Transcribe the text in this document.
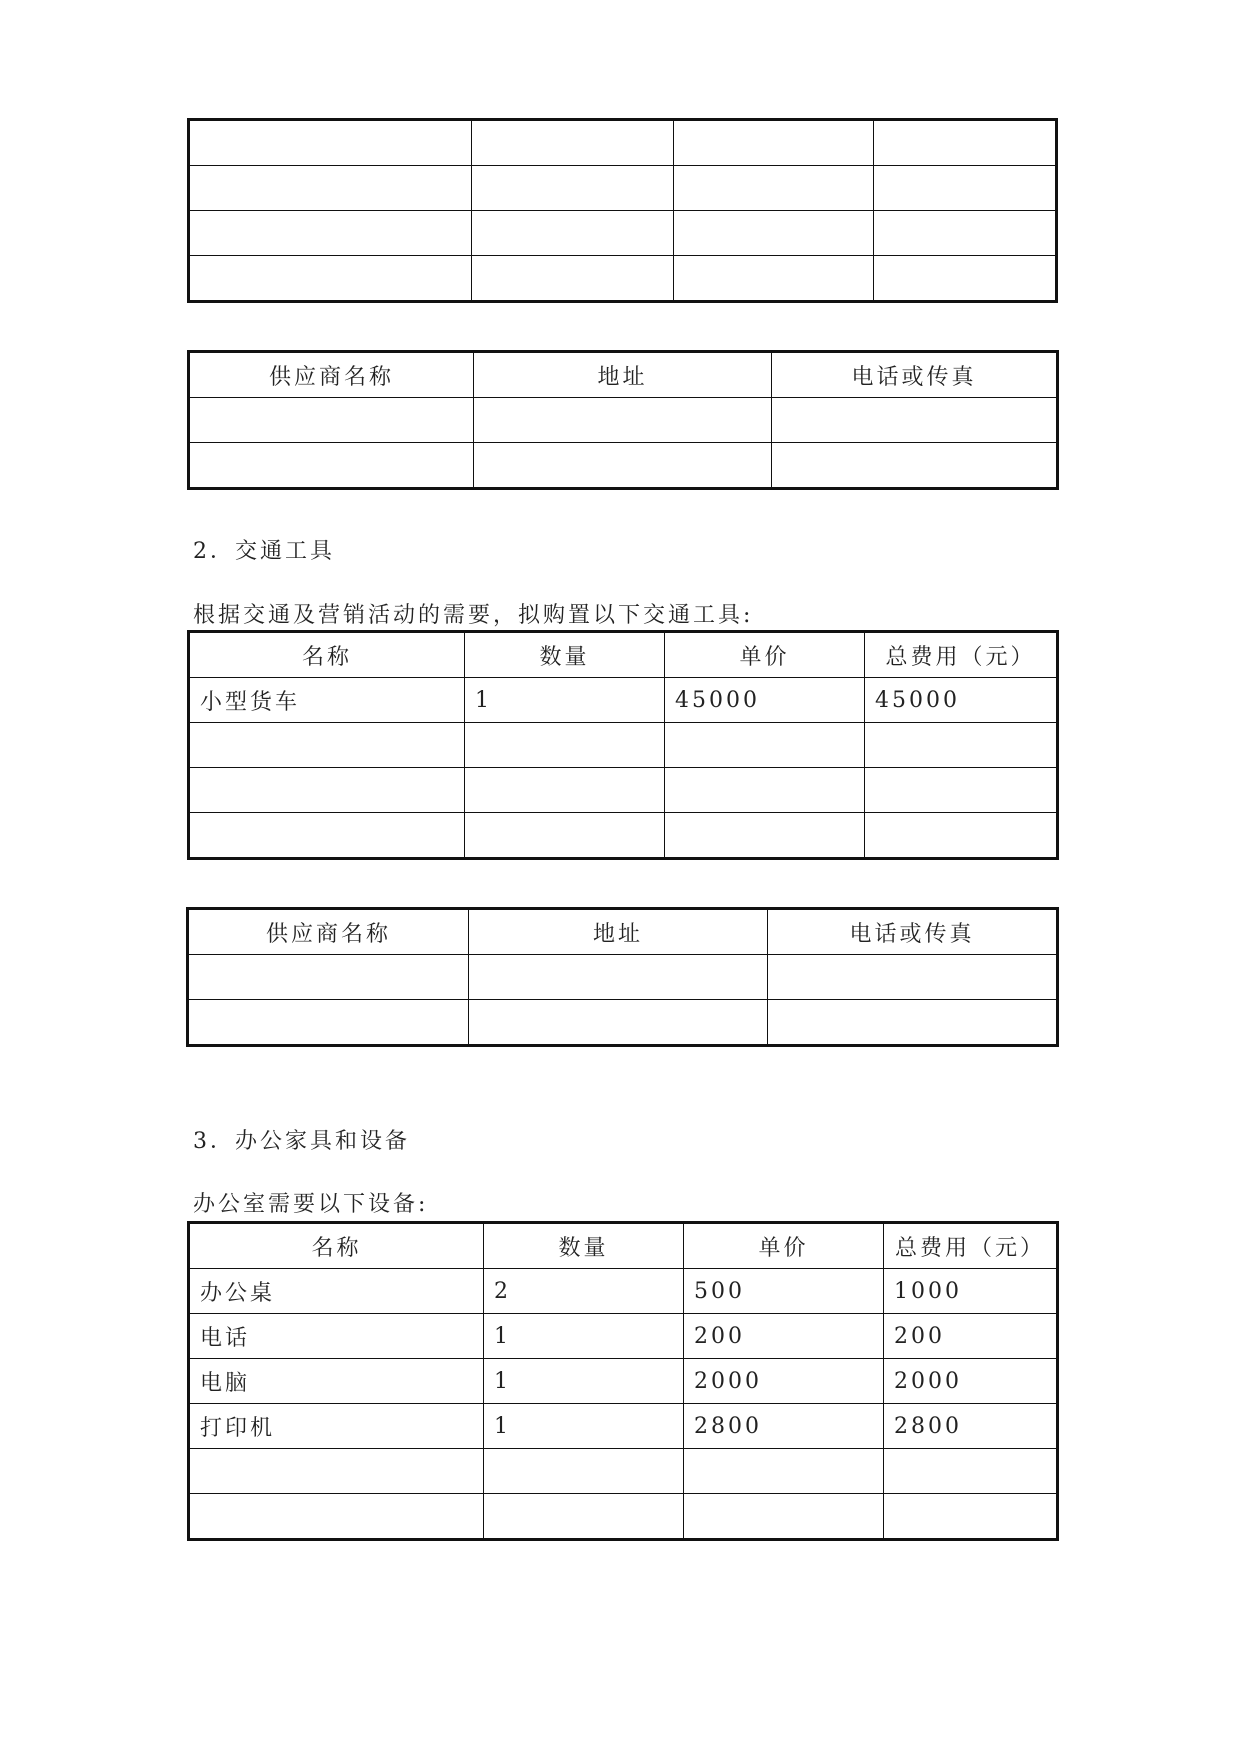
供应商名称	地址	电话或传真

2．交通工具
根据交通及营销活动的需要，拟购置以下交通工具:
名称	数量	单价	总费用（元）
小型货车	1	45000	45000

供应商名称	地址	电话或传真

3．办公家具和设备
办公室需要以下设备:
名称	数量	单价	总费用（元）
办公桌	2	500	1000
电话	1	200	200
电脑	1	2000	2000
打印机	1	2800	2800
